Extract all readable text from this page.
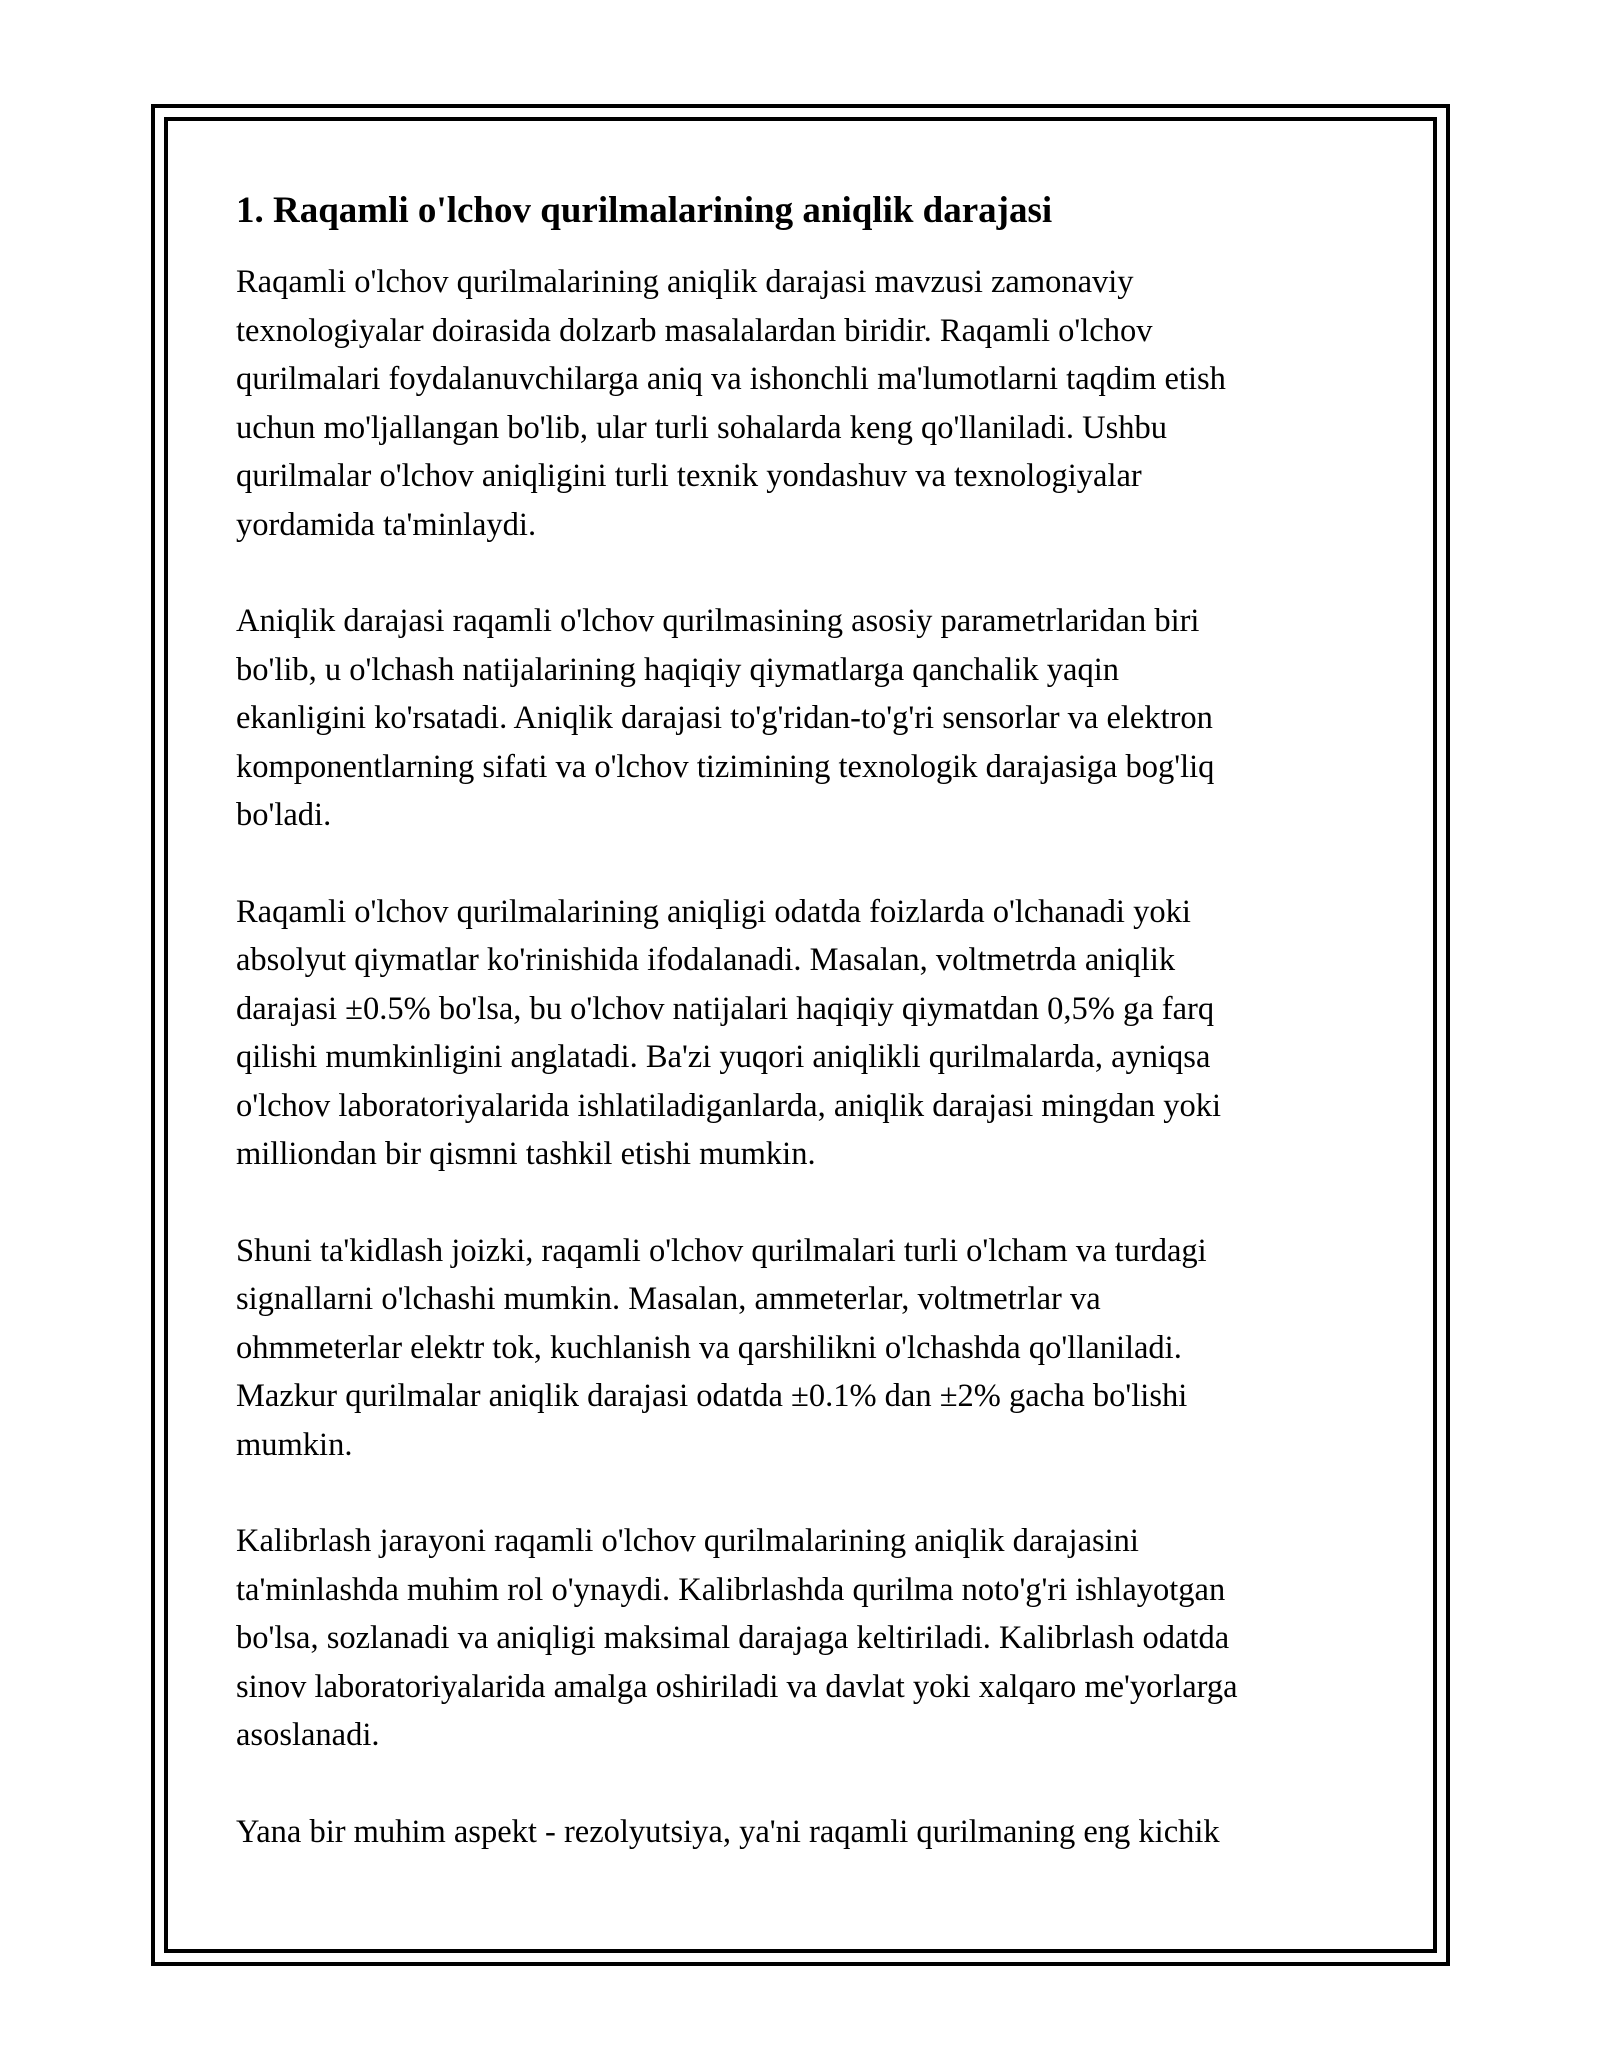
1. Raqamli o'lchov qurilmalarining aniqlik darajasi

Raqamli o'lchov qurilmalarining aniqlik darajasi mavzusi zamonaviy
texnologiyalar doirasida dolzarb masalalardan biridir. Raqamli o'lchov
qurilmalari foydalanuvchilarga aniq va ishonchli ma'lumotlarni taqdim etish
uchun mo'ljallangan bo'lib, ular turli sohalarda keng qo'llaniladi. Ushbu
qurilmalar o'lchov aniqligini turli texnik yondashuv va texnologiyalar
yordamida ta'minlaydi.

Aniqlik darajasi raqamli o'lchov qurilmasining asosiy parametrlaridan biri
bo'lib, u o'lchash natijalarining haqiqiy qiymatlarga qanchalik yaqin
ekanligini ko'rsatadi. Aniqlik darajasi to'g'ridan-to'g'ri sensorlar va elektron
komponentlarning sifati va o'lchov tizimining texnologik darajasiga bog'liq
bo'ladi.

Raqamli o'lchov qurilmalarining aniqligi odatda foizlarda o'lchanadi yoki
absolyut qiymatlar ko'rinishida ifodalanadi. Masalan, voltmetrda aniqlik
darajasi ±0.5% bo'lsa, bu o'lchov natijalari haqiqiy qiymatdan 0,5% ga farq
qilishi mumkinligini anglatadi. Ba'zi yuqori aniqlikli qurilmalarda, ayniqsa
o'lchov laboratoriyalarida ishlatiladiganlarda, aniqlik darajasi mingdan yoki
milliondan bir qismni tashkil etishi mumkin.

Shuni ta'kidlash joizki, raqamli o'lchov qurilmalari turli o'lcham va turdagi
signallarni o'lchashi mumkin. Masalan, ammeterlar, voltmetrlar va
ohmmeterlar elektr tok, kuchlanish va qarshilikni o'lchashda qo'llaniladi.
Mazkur qurilmalar aniqlik darajasi odatda ±0.1% dan ±2% gacha bo'lishi
mumkin.

Kalibrlash jarayoni raqamli o'lchov qurilmalarining aniqlik darajasini
ta'minlashda muhim rol o'ynaydi. Kalibrlashda qurilma noto'g'ri ishlayotgan
bo'lsa, sozlanadi va aniqligi maksimal darajaga keltiriladi. Kalibrlash odatda
sinov laboratoriyalarida amalga oshiriladi va davlat yoki xalqaro me'yorlarga
asoslanadi.

Yana bir muhim aspekt - rezolyutsiya, ya'ni raqamli qurilmaning eng kichik
